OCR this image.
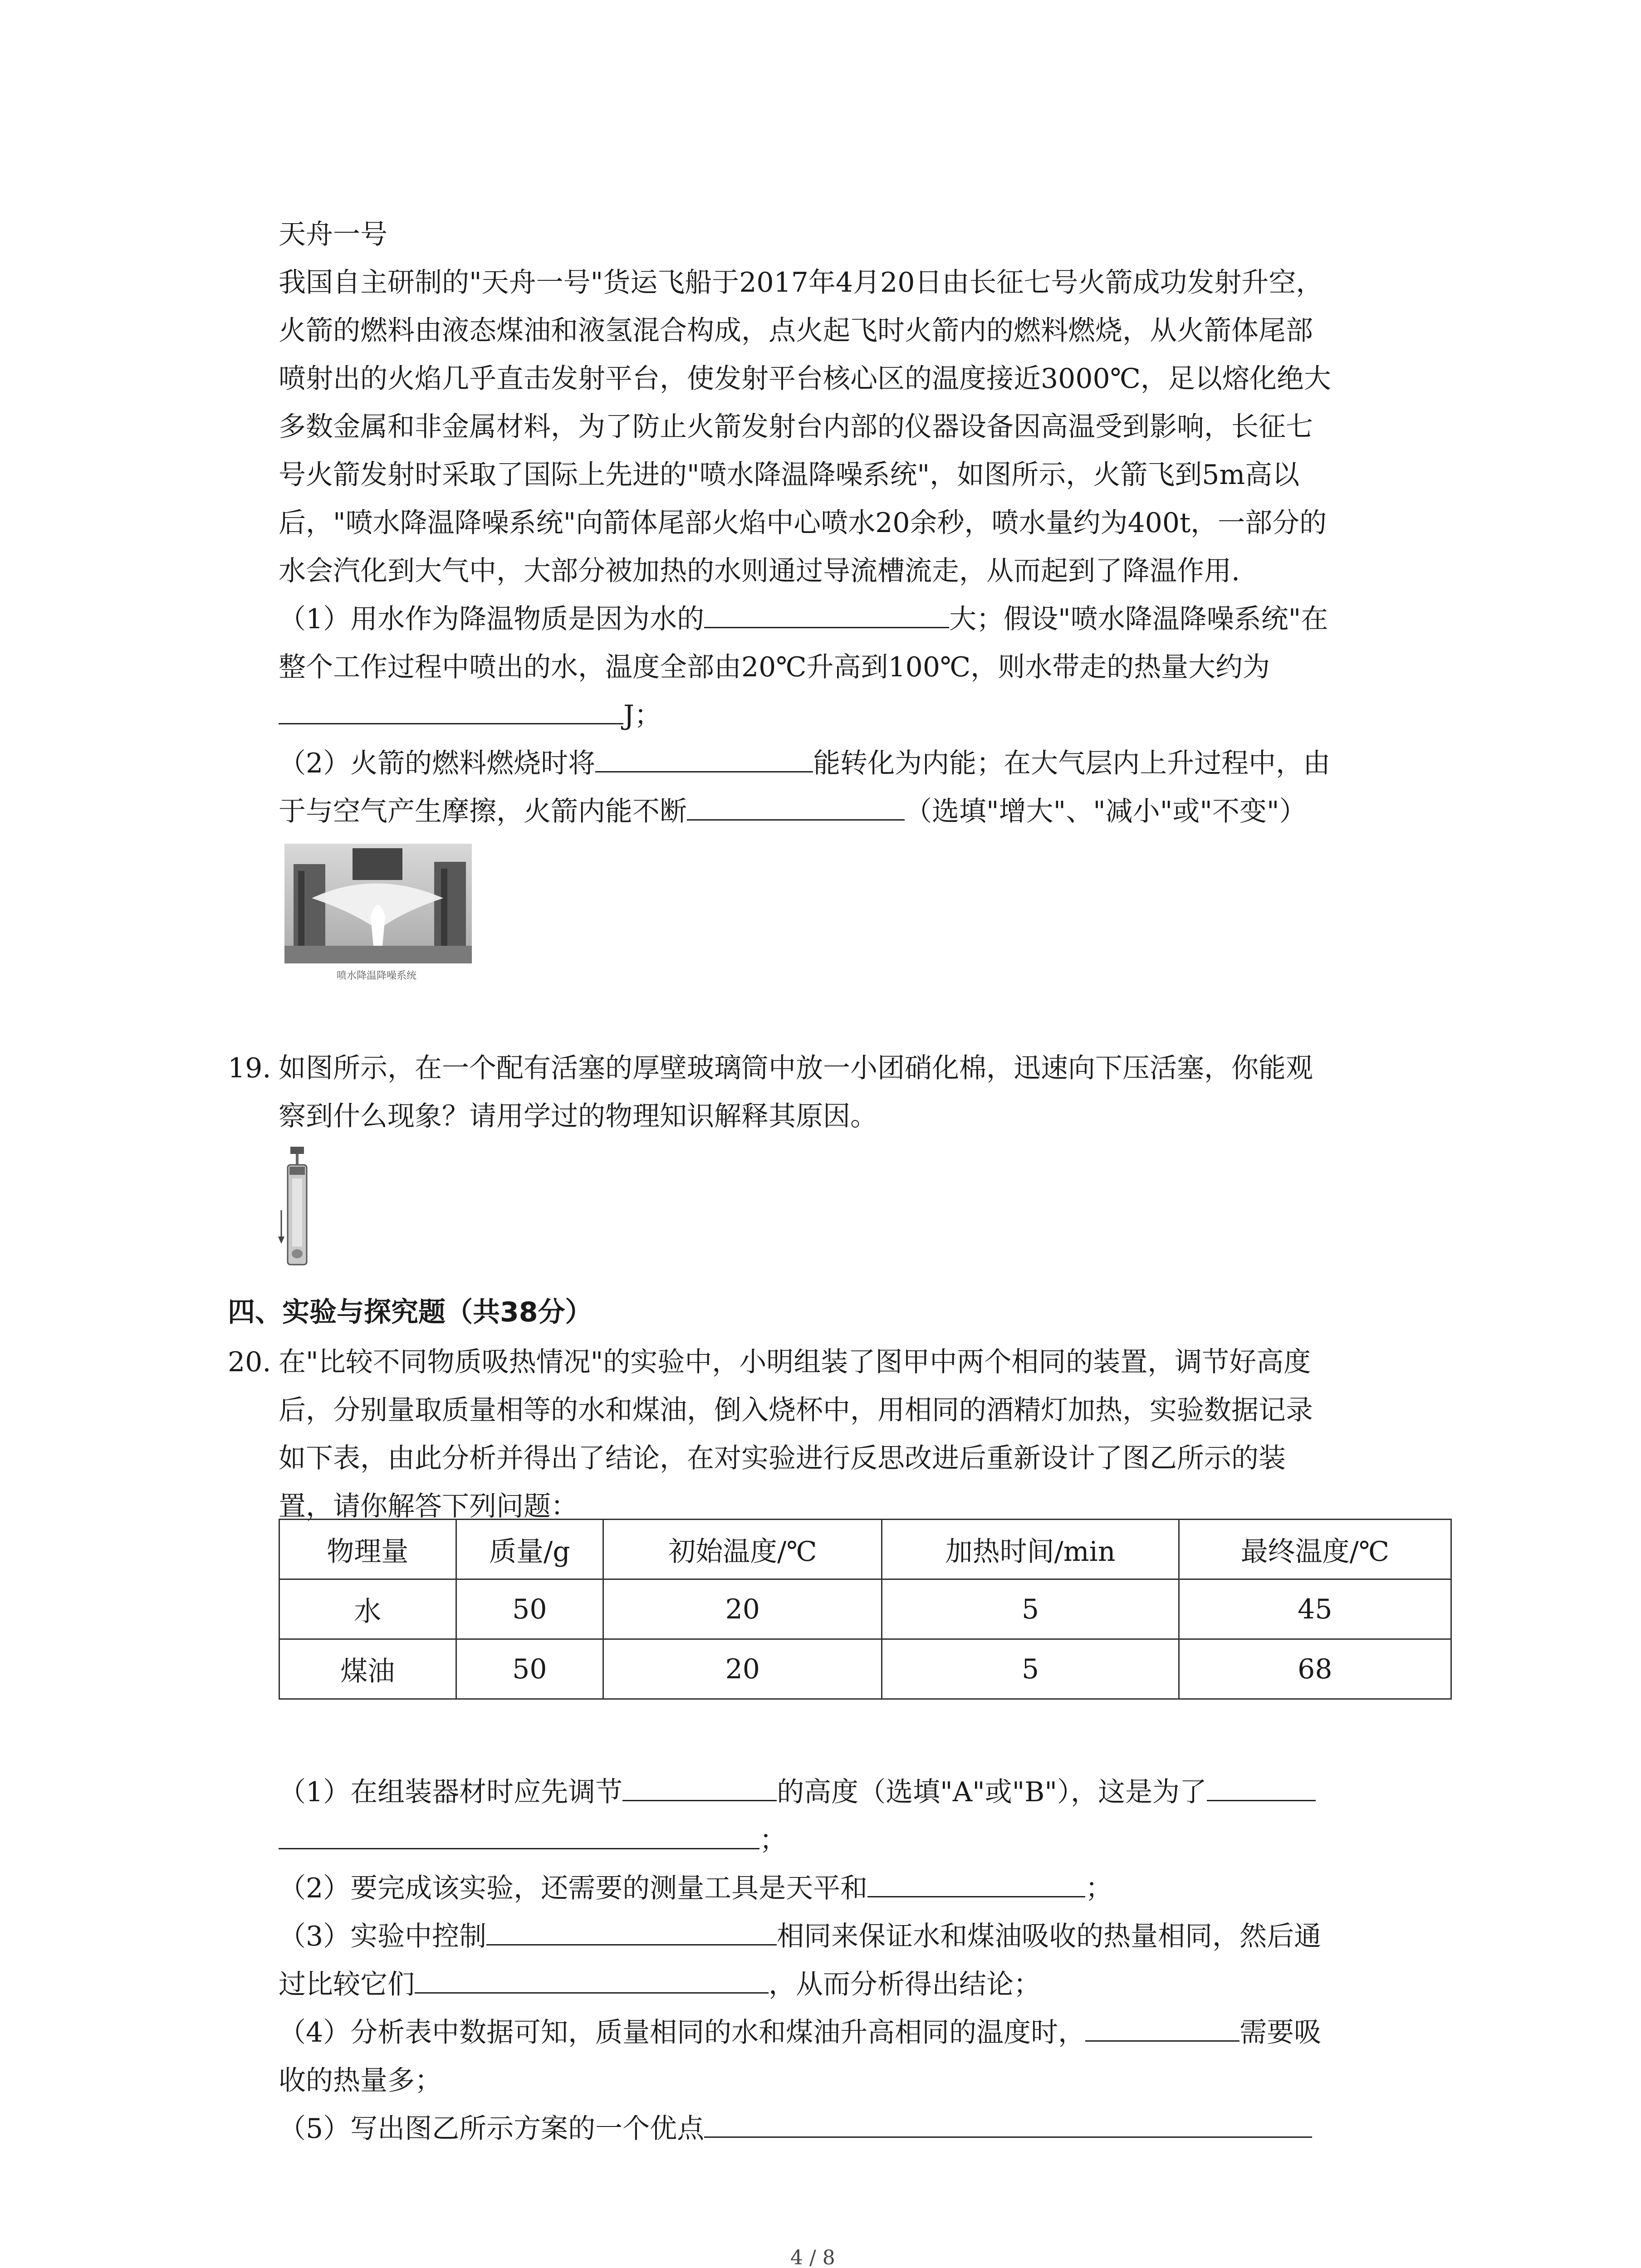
天舟一号
我国自主研制的"天舟一号"货运飞船于2017年4月20日由长征七号火箭成功发射升空，
火箭的燃料由液态煤油和液氢混合构成，点火起飞时火箭内的燃料燃烧，从火箭体尾部
喷射出的火焰几乎直击发射平台，使发射平台核心区的温度接近3000℃，足以熔化绝大
多数金属和非金属材料，为了防止火箭发射台内部的仪器设备因高温受到影响，长征七
号火箭发射时采取了国际上先进的"喷水降温降噪系统"，如图所示，火箭飞到5m高以
后，"喷水降温降噪系统"向箭体尾部火焰中心喷水20余秒，喷水量约为400t，一部分的
水会汽化到大气中，大部分被加热的水则通过导流槽流走，从而起到了降温作用.
（1）用水作为降温物质是因为水的	大；假设"喷水降温降噪系统"在
整个工作过程中喷出的水，温度全部由20℃升高到100℃，则水带走的热量大约为
J；
（2）火箭的燃料燃烧时将	能转化为内能；在大气层内上升过程中，由
于与空气产生摩擦，火箭内能不断	（选填"增大"、"减小"或"不变"）
喷水降温降噪系统
19. 如图所示，在一个配有活塞的厚壁玻璃筒中放一小团硝化棉，迅速向下压活塞，你能观
察到什么现象？请用学过的物理知识解释其原因。
四、实验与探究题（共38分）
20. 在"比较不同物质吸热情况"的实验中，小明组装了图甲中两个相同的装置，调节好高度
后，分别量取质量相等的水和煤油，倒入烧杯中，用相同的酒精灯加热，实验数据记录
如下表，由此分析并得出了结论，在对实验进行反思改进后重新设计了图乙所示的装
置，请你解答下列问题：
物理量	质量/g	初始温度/℃	加热时间/min	最终温度/℃
水	50	20	5	45
煤油	50	20	5	68
（1）在组装器材时应先调节	的高度（选填"A"或"B"），这是为了
；
（2）要完成该实验，还需要的测量工具是天平和	；
（3）实验中控制	相同来保证水和煤油吸收的热量相同，然后通
过比较它们	，从而分析得出结论；
（4）分析表中数据可知，质量相同的水和煤油升高相同的温度时，	需要吸
收的热量多；
（5）写出图乙所示方案的一个优点
4 / 8
